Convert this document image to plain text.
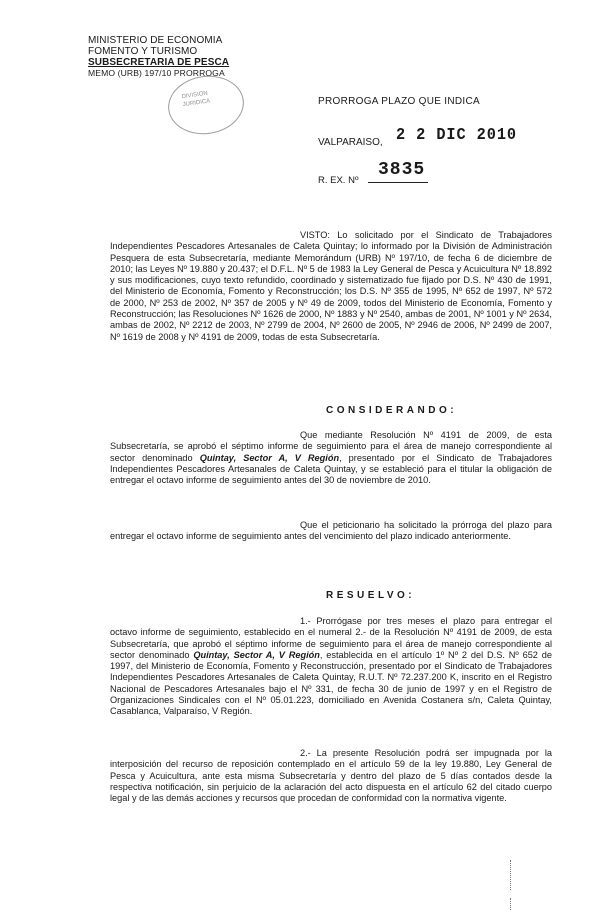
MINISTERIO DE ECONOMIA
FOMENTO Y TURISMO
SUBSECRETARIA DE PESCA
MEMO (URB) 197/10 PRORROGA
DIVISION
JURIDICA	PRORROGA PLAZO QUE INDICA
VALPARAISO, 2 2 DIC 2010
R. EX. Nº
3835
VISTO: Lo solicitado por el Sindicato de Trabajadores Independientes Pescadores Artesanales de Caleta Quintay; lo informado por la División de Administración Pesquera de esta Subsecretaría, mediante Memorándum (URB) Nº 197/10, de fecha 6 de diciembre de 2010; las Leyes Nº 19.880 y 20.437; el D.F.L. Nº 5 de 1983 la Ley General de Pesca y Acuicultura Nº 18.892 y sus modificaciones, cuyo texto refundido, coordinado y sistematizado fue fijado por D.S. Nº 430 de 1991, del Ministerio de Economía, Fomento y Reconstrucción; los D.S. Nº 355 de 1995, Nº 652 de 1997, Nº 572 de 2000, Nº 253 de 2002, Nº 357 de 2005 y Nº 49 de 2009, todos del Ministerio de Economía, Fomento y Reconstrucción; las Resoluciones Nº 1626 de 2000, Nº 1883 y Nº 2540, ambas de 2001, Nº 1001 y Nº 2634, ambas de 2002, Nº 2212 de 2003, Nº 2799 de 2004, Nº 2600 de 2005, Nº 2946 de 2006, Nº 2499 de 2007, Nº 1619 de 2008 y Nº 4191 de 2009, todas de esta Subsecretaría.
CONSIDERANDO:
Que mediante Resolución Nº 4191 de 2009, de esta Subsecretaría, se aprobó el séptimo informe de seguimiento para el área de manejo correspondiente al sector denominado Quintay, Sector A, V Región, presentado por el Sindicato de Trabajadores Independientes Pescadores Artesanales de Caleta Quintay, y se estableció para el titular la obligación de entregar el octavo informe de seguimiento antes del 30 de noviembre de 2010.
Que el peticionario ha solicitado la prórroga del plazo para entregar el octavo informe de seguimiento antes del vencimiento del plazo indicado anteriormente.
RESUELVO:
1.- Prorrógase por tres meses el plazo para entregar el octavo informe de seguimiento, establecido en el numeral 2.- de la Resolución Nº 4191 de 2009, de esta Subsecretaría, que aprobó el séptimo informe de seguimiento para el área de manejo correspondiente al sector denominado Quintay, Sector A, V Región, establecida en el artículo 1º Nº 2 del D.S. Nº 652 de 1997, del Ministerio de Economía, Fomento y Reconstrucción, presentado por el Sindicato de Trabajadores Independientes Pescadores Artesanales de Caleta Quintay, R.U.T. Nº 72.237.200 K, inscrito en el Registro Nacional de Pescadores Artesanales bajo el Nº 331, de fecha 30 de junio de 1997 y en el Registro de Organizaciones Sindicales con el Nº 05.01.223, domiciliado en Avenida Costanera s/n, Caleta Quintay, Casablanca, Valparaíso, V Región.
2.- La presente Resolución podrá ser impugnada por la interposición del recurso de reposición contemplado en el artículo 59 de la ley 19.880, Ley General de Pesca y Acuicultura, ante esta misma Subsecretaría y dentro del plazo de 5 días contados desde la respectiva notificación, sin perjuicio de la aclaración del acto dispuesta en el artículo 62 del citado cuerpo legal y de las demás acciones y recursos que procedan de conformidad con la normativa vigente.
